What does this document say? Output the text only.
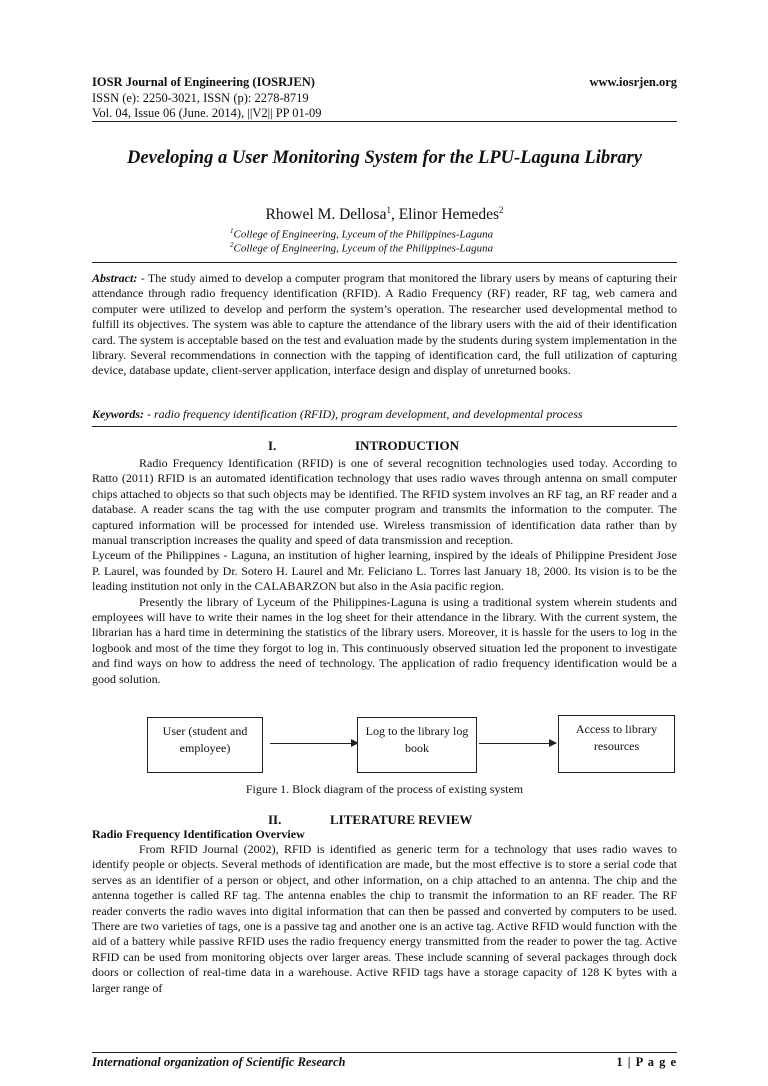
IOSR Journal of Engineering (IOSRJEN)	www.iosrjen.org
ISSN (e): 2250-3021, ISSN (p): 2278-8719
Vol. 04, Issue 06 (June. 2014), ||V2|| PP 01-09
Developing a User Monitoring System for the LPU-Laguna Library
Rhowel M. Dellosa$^1$, Elinor Hemedes$^2$
$^1$College of Engineering, Lyceum of the Philippines-Laguna
$^2$College of Engineering, Lyceum of the Philippines-Laguna
Abstract: - The study aimed to develop a computer program that monitored the library users by means of capturing their attendance through radio frequency identification (RFID). A Radio Frequency (RF) reader, RF tag, web camera and computer were utilized to develop and perform the system’s operation. The researcher used developmental method to fulfill its objectives. The system was able to capture the attendance of the library users with the aid of their identification card. The system is acceptable based on the test and evaluation made by the students during system implementation in the library. Several recommendations in connection with the tapping of identification card, the full utilization of capturing device, database update, client-server application, interface design and display of unreturned books.
Keywords: - radio frequency identification (RFID), program development, and developmental process
I.	INTRODUCTION

Radio Frequency Identification (RFID) is one of several recognition technologies used today. According to Ratto (2011) RFID is an automated identification technology that uses radio waves through antenna on small computer chips attached to objects so that such objects may be identified. The RFID system involves an RF tag, an RF reader and a database. A reader scans the tag with the use computer program and transmits the information to the computer. The captured information will be processed for intended use. Wireless transmission of identification data rather than by manual transcription increases the quality and speed of data transmission and reception.

Lyceum of the Philippines - Laguna, an institution of higher learning, inspired by the ideals of Philippine President Jose P. Laurel, was founded by Dr. Sotero H. Laurel and Mr. Feliciano L. Torres last January 18, 2000. Its vision is to be the leading institution not only in the CALABARZON but also in the Asia pacific region.

Presently the library of Lyceum of the Philippines-Laguna is using a traditional system wherein students and employees will have to write their names in the log sheet for their attendance in the library. With the current system, the librarian has a hard time in determining the statistics of the library users. Moreover, it is hassle for the users to log in the logbook and most of the time they forgot to log in. This continuously observed situation led the proponent to investigate and find ways on how to address the need of technology. The application of radio frequency identification would be a good solution.

User (student and employee)
Log to the library log book
Access to library resources
Figure 1. Block diagram of the process of existing system
II.	LITERATURE REVIEW
Radio Frequency Identification Overview

From RFID Journal (2002), RFID is identified as generic term for a technology that uses radio waves to identify people or objects. Several methods of identification are made, but the most effective is to store a serial code that serves as an identifier of a person or object, and other information, on a chip attached to an antenna. The chip and the antenna together is called RF tag. The antenna enables the chip to transmit the information to an RF reader. The RF reader converts the radio waves into digital information that can then be passed and converted by computers to be used. There are two varieties of tags, one is a passive tag and another one is an active tag. Active RFID would function with the aid of a battery while passive RFID uses the radio frequency energy transmitted from the reader to power the tag. Active RFID can be used from monitoring objects over larger areas. These include scanning of several packages through dock doors or collection of real-time data in a warehouse. Active RFID tags have a storage capacity of 128 K bytes with a larger range of

International organization of Scientific Research	1 | P a g e
